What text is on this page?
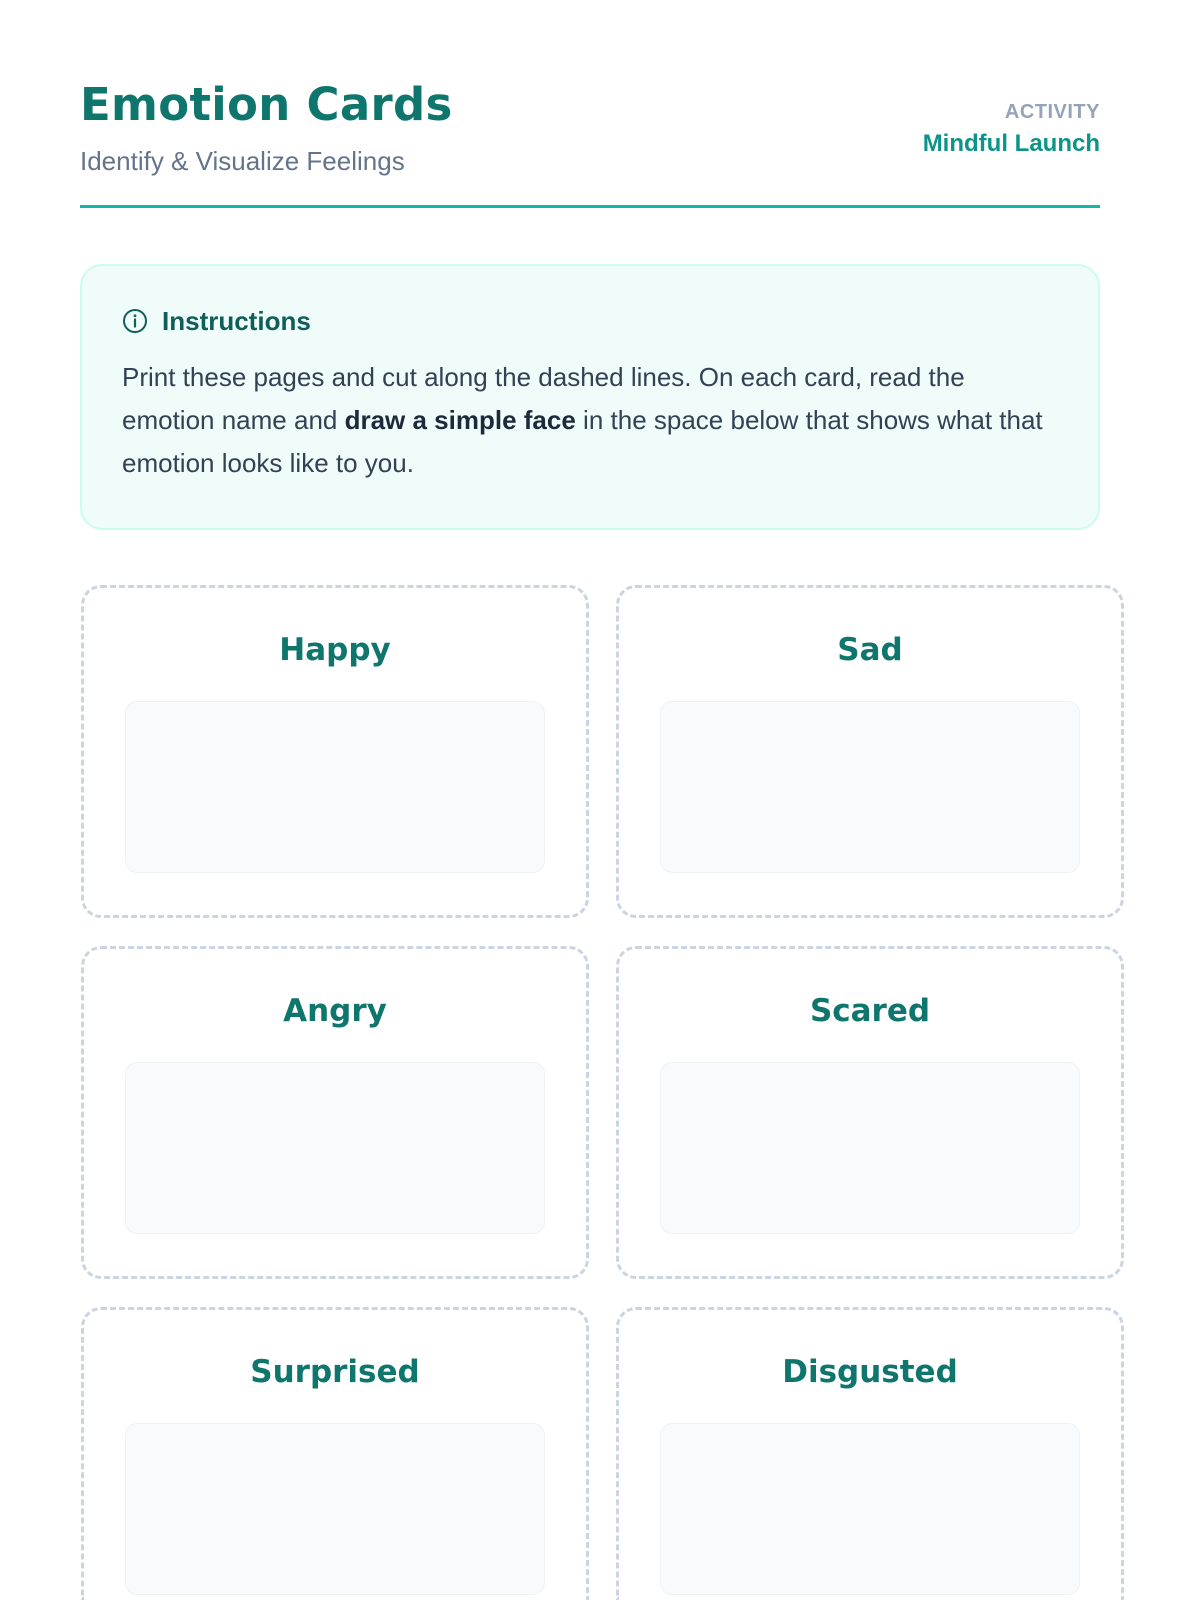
Emotion Cards
Identify & Visualize Feelings
ACTIVITY
Mindful Launch
Instructions
Print these pages and cut along the dashed lines. On each card, read the emotion name and draw a simple face in the space below that shows what that emotion looks like to you.
Happy	Sad
Angry	Scared
Surprised	Disgusted
